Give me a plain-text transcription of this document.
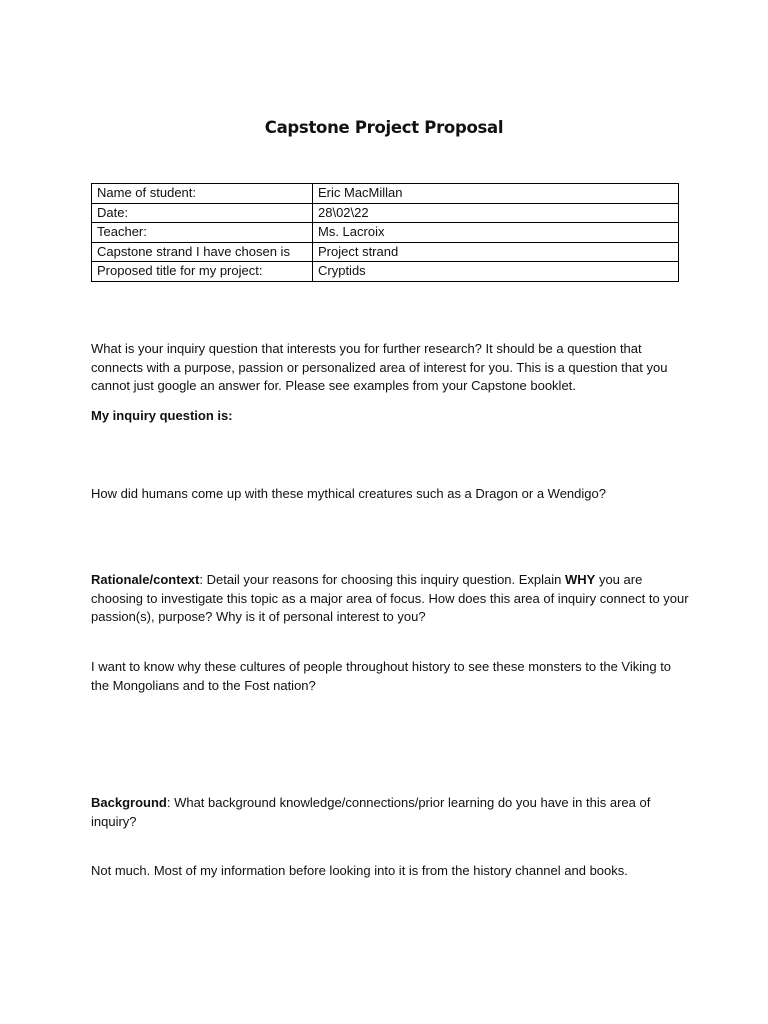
Capstone Project Proposal
Name of student:	Eric MacMillan
Date:	28\02\22
Teacher:	Ms. Lacroix
Capstone strand I have chosen is	Project strand
Proposed title for my project:	Cryptids
What is your inquiry question that interests you for further research? It should be a question that connects with a purpose, passion or personalized area of interest for you. This is a question that you cannot just google an answer for. Please see examples from your Capstone booklet.
My inquiry question is:
How did humans come up with these mythical creatures such as a Dragon or a Wendigo?
Rationale/context: Detail your reasons for choosing this inquiry question. Explain WHY you are choosing to investigate this topic as a major area of focus. How does this area of inquiry connect to your passion(s), purpose? Why is it of personal interest to you?
I want to know why these cultures of people throughout history to see these monsters to the Viking to the Mongolians and to the Fost nation?
Background: What background knowledge/connections/prior learning do you have in this area of inquiry?
Not much. Most of my information before looking into it is from the history channel and books.
